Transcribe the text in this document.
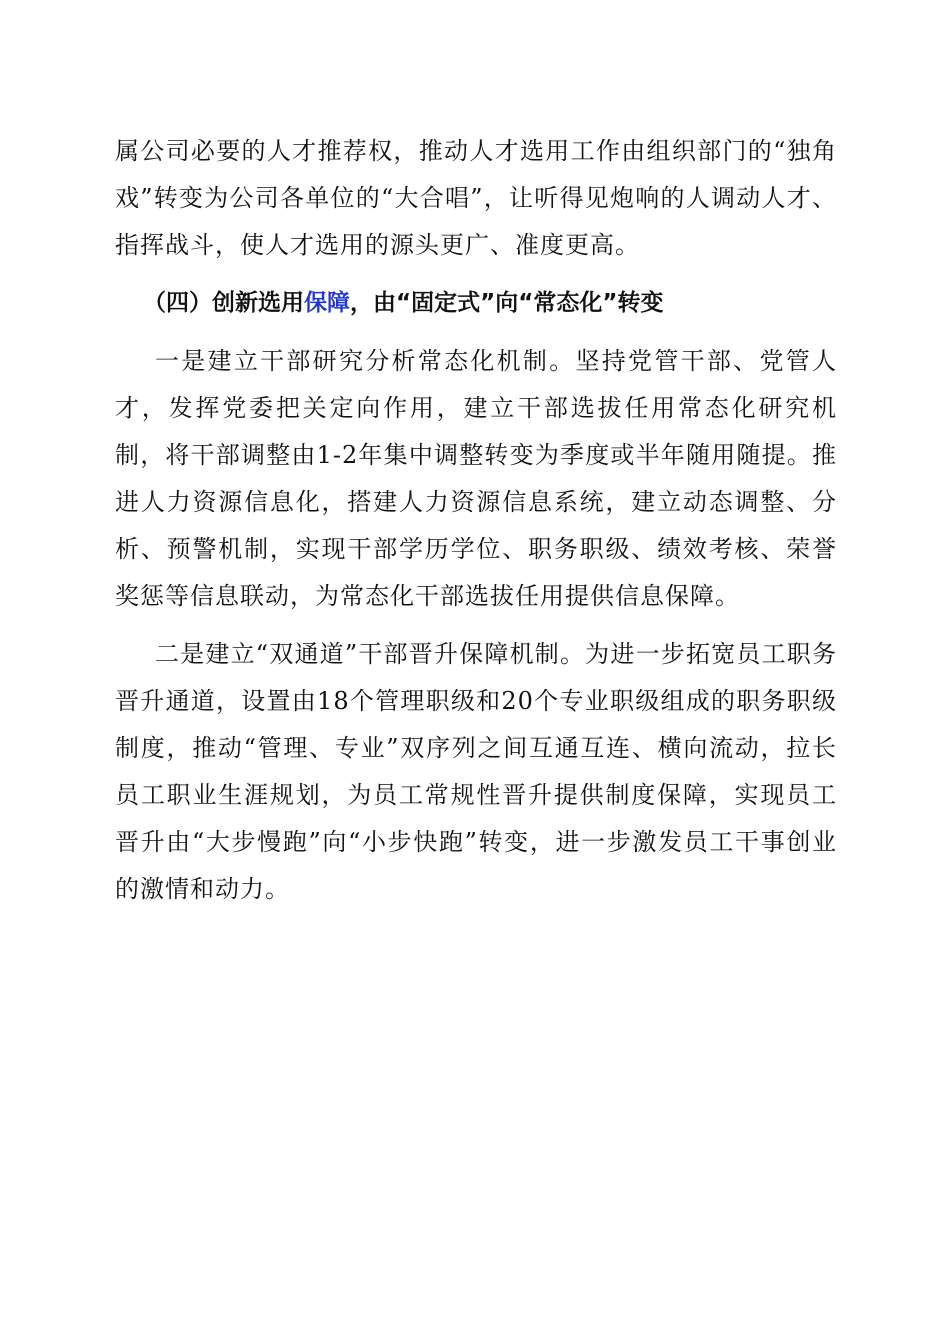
属公司必要的人才推荐权，推动人才选用工作由组织部门的“独角戏”转变为公司各单位的“大合唱”，让听得见炮响的人调动人才、指挥战斗，使人才选用的源头更广、准度更高。

（四）创新选用保障，由“固定式”向“常态化”转变

一是建立干部研究分析常态化机制。坚持党管干部、党管人才，发挥党委把关定向作用，建立干部选拔任用常态化研究机制，将干部调整由1-2年集中调整转变为季度或半年随用随提。推进人力资源信息化，搭建人力资源信息系统，建立动态调整、分析、预警机制，实现干部学历学位、职务职级、绩效考核、荣誉奖惩等信息联动，为常态化干部选拔任用提供信息保障。

二是建立“双通道”干部晋升保障机制。为进一步拓宽员工职务晋升通道，设置由18个管理职级和20个专业职级组成的职务职级制度，推动“管理、专业”双序列之间互通互连、横向流动，拉长员工职业生涯规划，为员工常规性晋升提供制度保障，实现员工晋升由“大步慢跑”向“小步快跑”转变，进一步激发员工干事创业的激情和动力。
